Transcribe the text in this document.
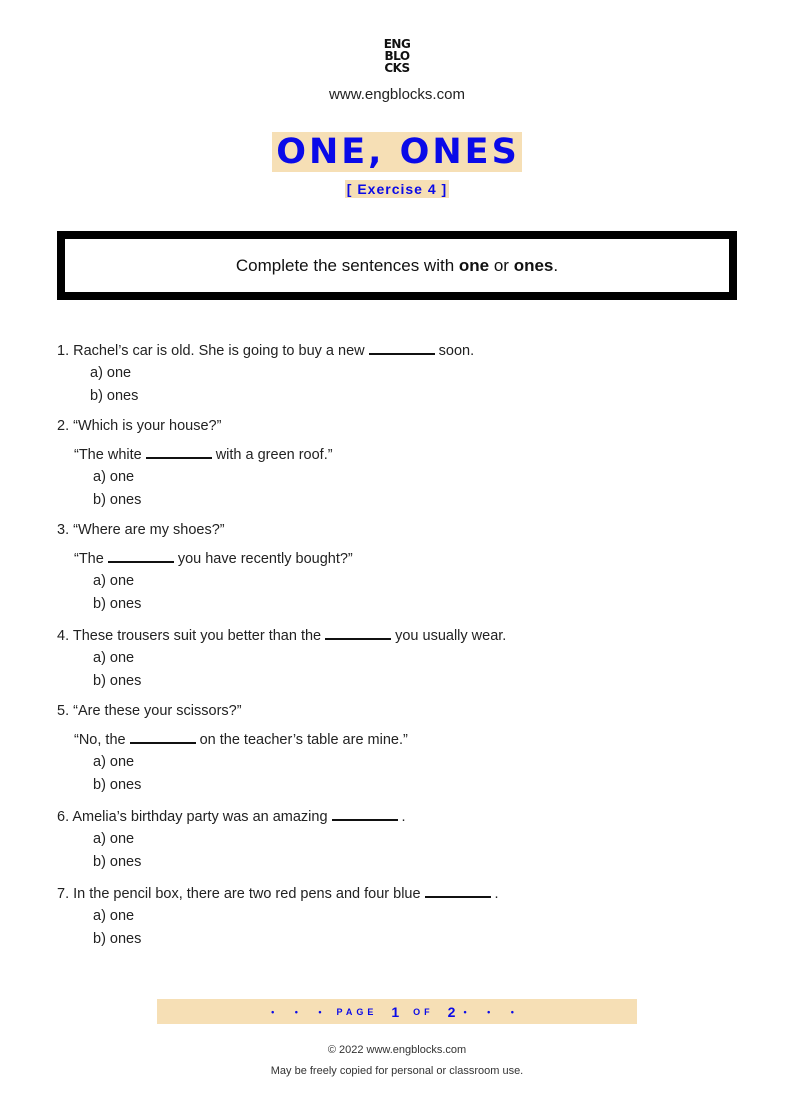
ENG
BLO
CKS
www.engblocks.com
ONE, ONES
[ Exercise 4 ]
Complete the sentences with one or ones.
1. Rachel’s car is old. She is going to buy a new	soon.
a) one
b) ones
2. “Which is your house?”
“The white	with a green roof.”
a) one
b) ones
3. “Where are my shoes?”
“The	you have recently bought?”
a) one
b) ones
4. These trousers suit you better than the	you usually wear.
a) one
b) ones
5. “Are these your scissors?”
“No, the	on the teacher’s table are mine.”
a) one
b) ones
6. Amelia’s birthday party was an amazing	.
a) one
b) ones
7. In the pencil box, there are two red pens and four blue	.
a) one
b) ones
• • • PAGE 1 OF 2 • • •
© 2022 www.engblocks.com
May be freely copied for personal or classroom use.
